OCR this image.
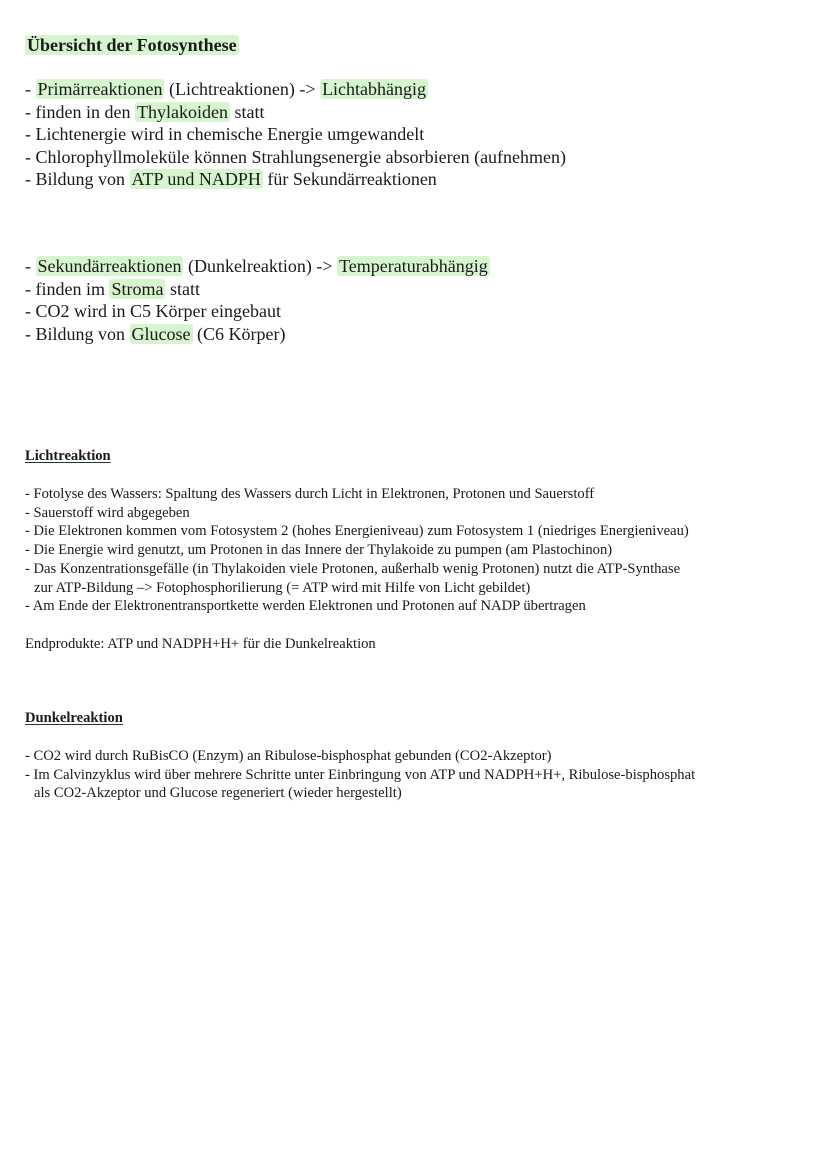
Übersicht der Fotosynthese
- Primärreaktionen (Lichtreaktionen) -> Lichtabhängig
- finden in den Thylakoiden statt
- Lichtenergie wird in chemische Energie umgewandelt
- Chlorophyllmoleküle können Strahlungsenergie absorbieren (aufnehmen)
- Bildung von ATP und NADPH für Sekundärreaktionen
- Sekundärreaktionen (Dunkelreaktion) -> Temperaturabhängig
- finden im Stroma statt
- CO2 wird in C5 Körper eingebaut
- Bildung von Glucose (C6 Körper)
Lichtreaktion
- Fotolyse des Wassers: Spaltung des Wassers durch Licht in Elektronen, Protonen und Sauerstoff
- Sauerstoff wird abgegeben
- Die Elektronen kommen vom Fotosystem 2 (hohes Energieniveau) zum Fotosystem 1 (niedriges Energieniveau)
- Die Energie wird genutzt, um Protonen in das Innere der Thylakoide zu pumpen (am Plastochinon)
- Das Konzentrationsgefälle (in Thylakoiden viele Protonen, außerhalb wenig Protonen) nutzt die ATP-Synthase
zur ATP-Bildung –> Fotophosphorilierung (= ATP wird mit Hilfe von Licht gebildet)
- Am Ende der Elektronentransportkette werden Elektronen und Protonen auf NADP übertragen

Endprodukte: ATP und NADPH+H+ für die Dunkelreaktion

Dunkelreaktion
- CO2 wird durch RuBisCO (Enzym) an Ribulose-bisphosphat gebunden (CO2-Akzeptor)
- Im Calvinzyklus wird über mehrere Schritte unter Einbringung von ATP und NADPH+H+, Ribulose-bisphosphat
als CO2-Akzeptor und Glucose regeneriert (wieder hergestellt)
